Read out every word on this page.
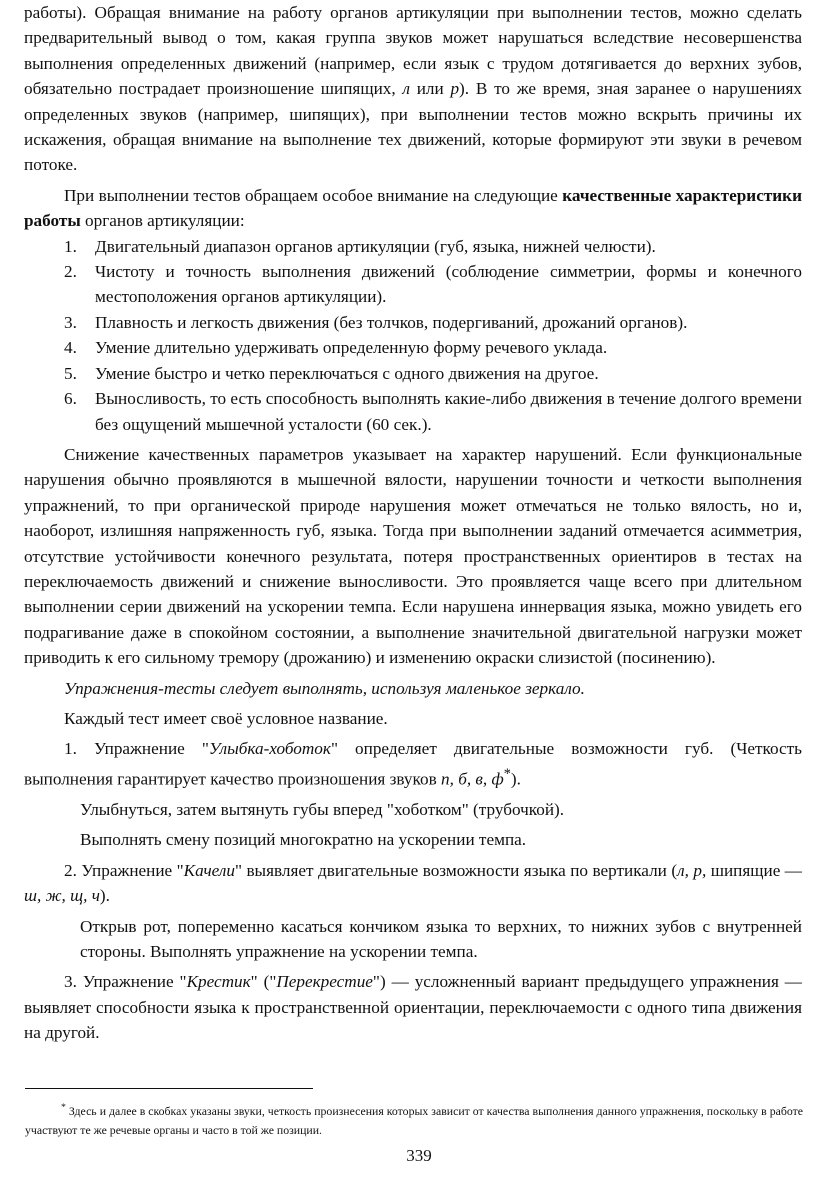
работы). Обращая внимание на работу органов артикуляции при выполнении тестов, можно сделать предварительный вывод о том, какая группа звуков может нарушаться вследствие несовершенства выполнения определенных движений (например, если язык с трудом дотягивается до верхних зубов, обязательно пострадает произношение шипящих, л или р). В то же время, зная заранее о нарушениях определенных звуков (например, шипящих), при выполнении тестов можно вскрыть причины их искажения, обращая внимание на выполнение тех движений, которые формируют эти звуки в речевом потоке.

При выполнении тестов обращаем особое внимание на следующие качественные характеристики работы органов артикуляции:

1.	Двигательный диапазон органов артикуляции (губ, языка, нижней челюсти).
2.	Чистоту и точность выполнения движений (соблюдение симметрии, формы и конечного местоположения органов артикуляции).
3.	Плавность и легкость движения (без толчков, подергиваний, дрожаний органов).
4.	Умение длительно удерживать определенную форму речевого уклада.
5.	Умение быстро и четко переключаться с одного движения на другое.
6.	Выносливость, то есть способность выполнять какие-либо движения в течение долгого времени без ощущений мышечной усталости (60 сек.).

Снижение качественных параметров указывает на характер нарушений. Если функциональные нарушения обычно проявляются в мышечной вялости, нарушении точности и четкости выполнения упражнений, то при органической природе нарушения может отмечаться не только вялость, но и, наоборот, излишняя напряженность губ, языка. Тогда при выполнении заданий отмечается асимметрия, отсутствие устойчивости конечного результата, потеря пространственных ориентиров в тестах на переключаемость движений и снижение выносливости. Это проявляется чаще всего при длительном выполнении серии движений на ускорении темпа. Если нарушена иннервация языка, можно увидеть его подрагивание даже в спокойном состоянии, а выполнение значительной двигательной нагрузки может приводить к его сильному тремору (дрожанию) и изменению окраски слизистой (посинению).

Упражнения-тесты следует выполнять, используя маленькое зеркало.

Каждый тест имеет своё условное название.

1. Упражнение "Улыбка-хоботок" определяет двигательные возможности губ. (Четкость выполнения гарантирует качество произношения звуков п, б, в, ф*).

Улыбнуться, затем вытянуть губы вперед "хоботком" (трубочкой).

Выполнять смену позиций многократно на ускорении темпа.

2. Упражнение "Качели" выявляет двигательные возможности языка по вертикали (л, р, шипящие — ш, ж, щ, ч).

Открыв рот, попеременно касаться кончиком языка то верхних, то нижних зубов с внутренней стороны. Выполнять упражнение на ускорении темпа.

3. Упражнение "Крестик" ("Перекрестие") — усложненный вариант предыдущего упражнения — выявляет способности языка к пространственной ориентации, переключаемости с одного типа движения на другой.

* Здесь и далее в скобках указаны звуки, четкость произнесения которых зависит от качества выполнения данного упражнения, поскольку в работе участвуют те же речевые органы и часто в той же позиции.

339
